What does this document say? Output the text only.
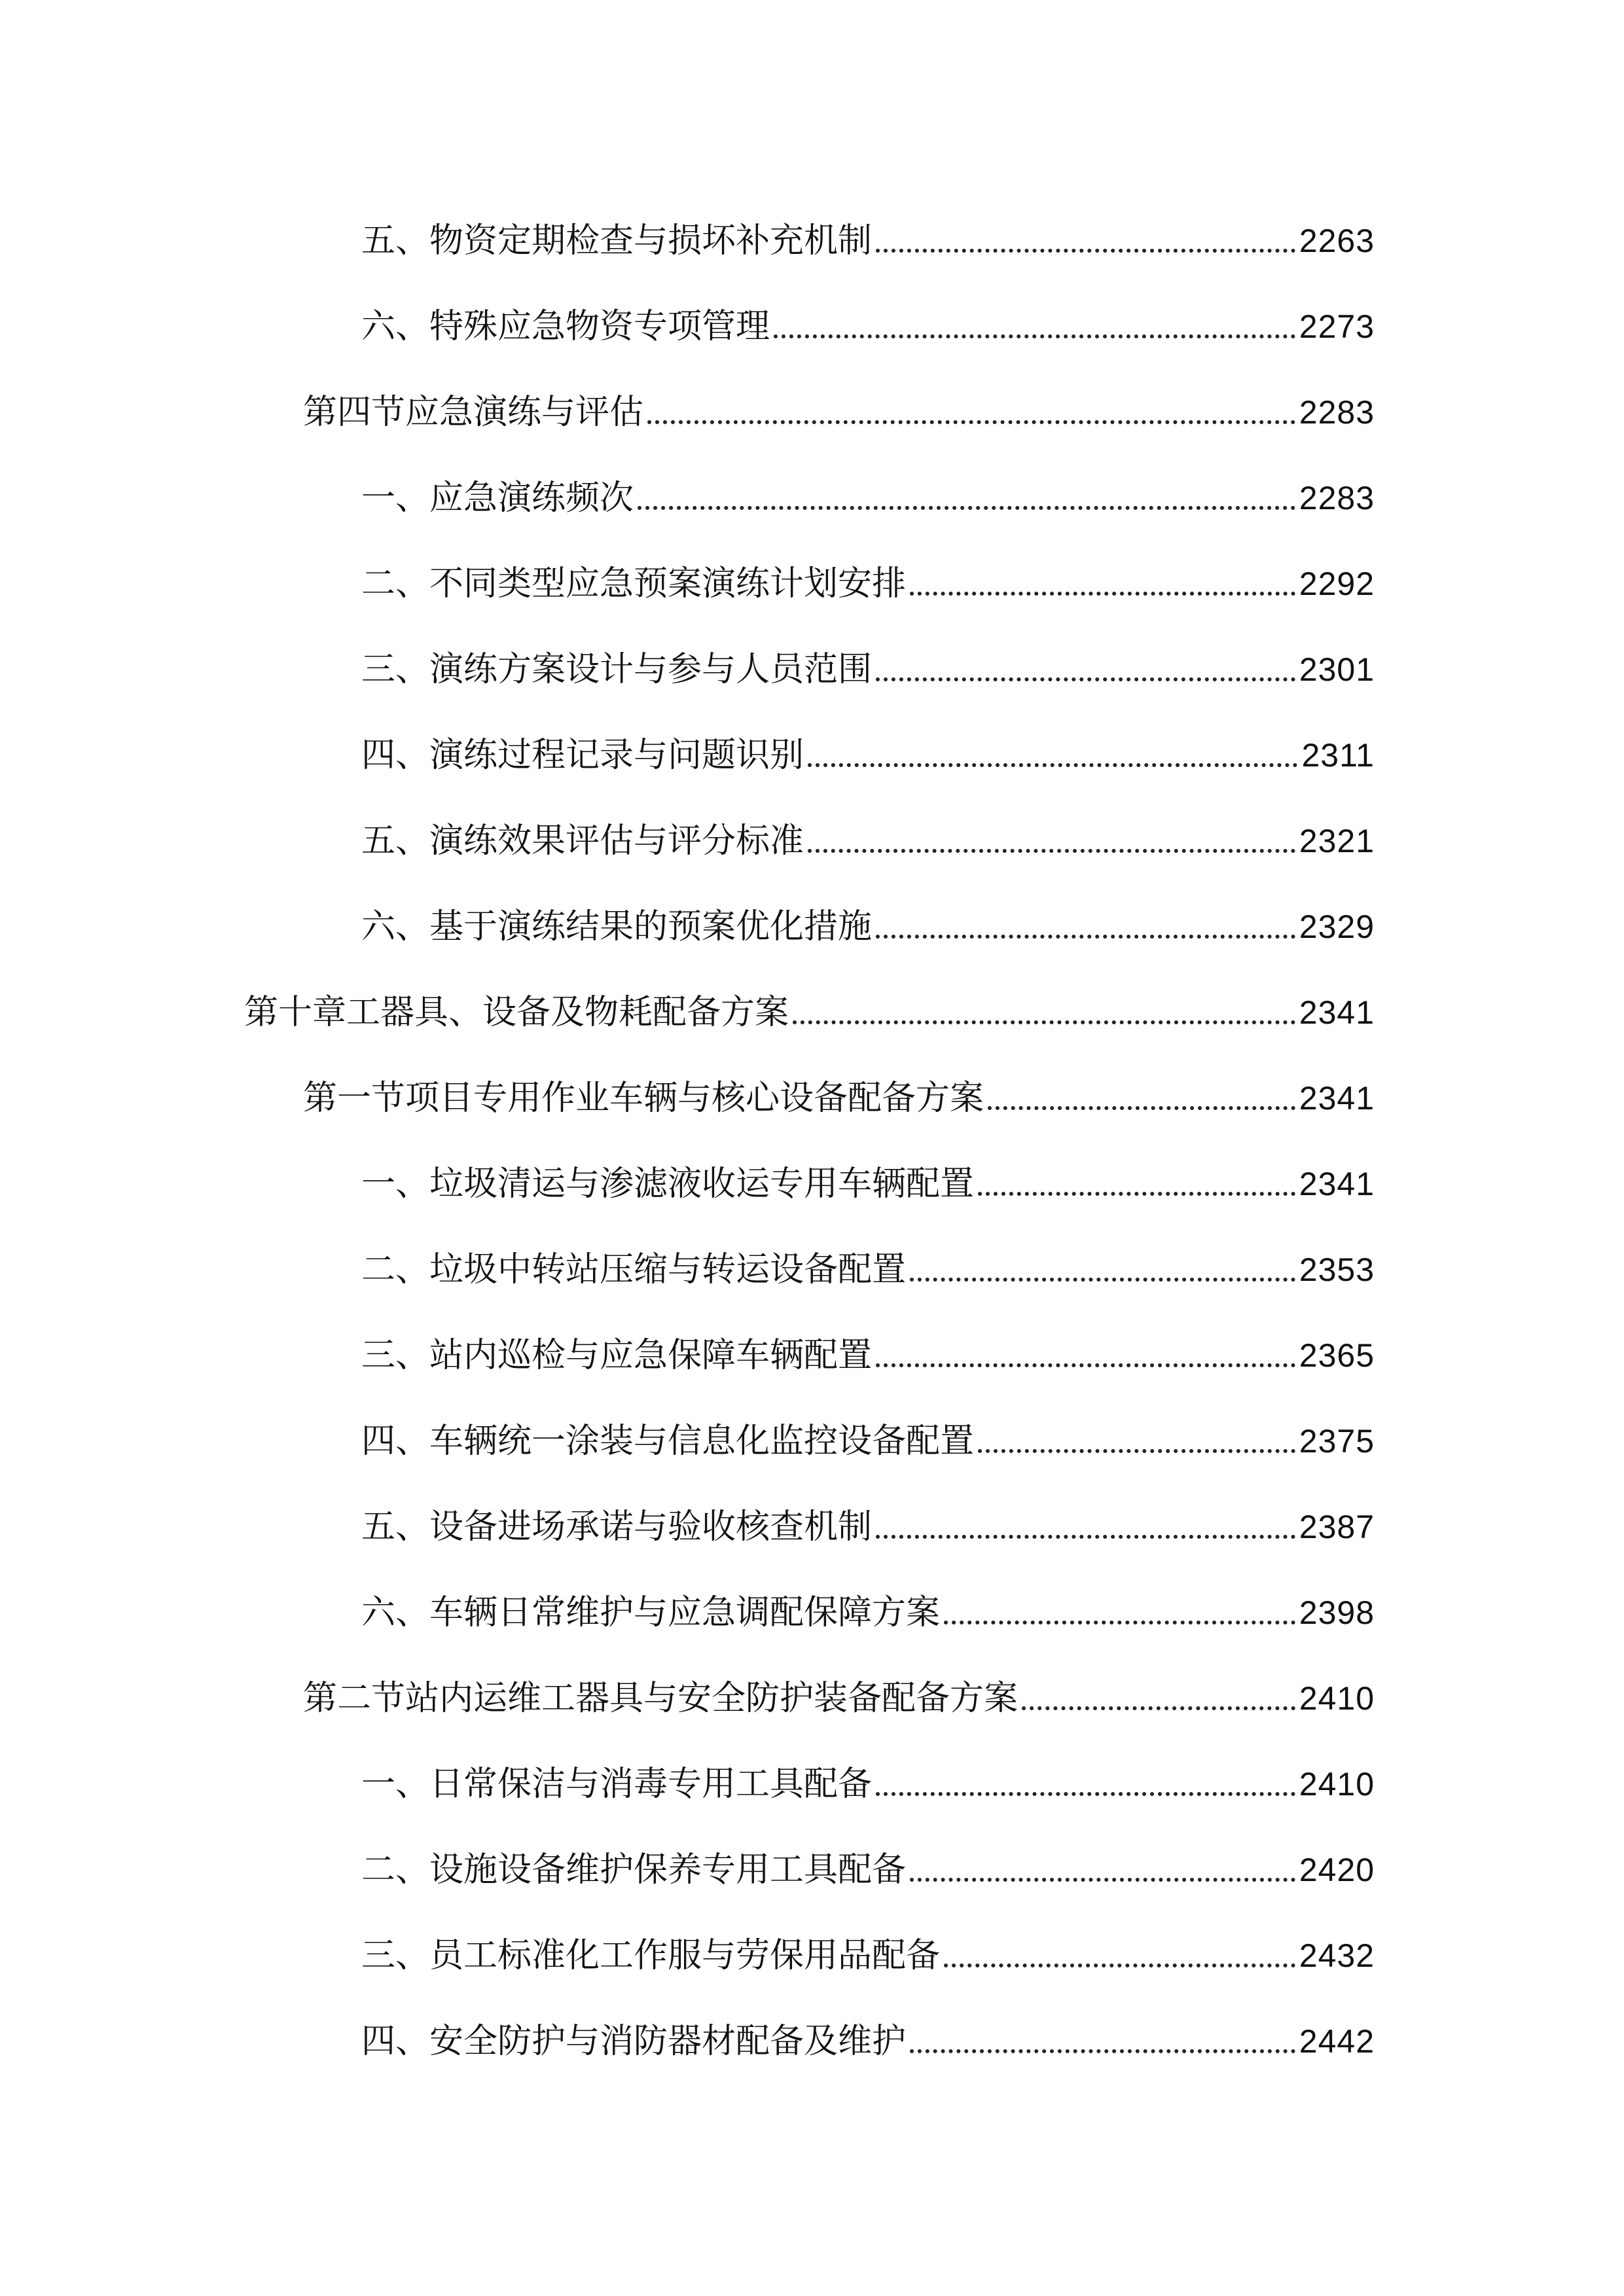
五、物资定期检查与损坏补充机制	2263
六、特殊应急物资专项管理	2273
第四节应急演练与评估	2283
一、应急演练频次	2283
二、不同类型应急预案演练计划安排	2292
三、演练方案设计与参与人员范围	2301
四、演练过程记录与问题识别	2311
五、演练效果评估与评分标准	2321
六、基于演练结果的预案优化措施	2329
第十章工器具、设备及物耗配备方案	2341
第一节项目专用作业车辆与核心设备配备方案	2341
一、垃圾清运与渗滤液收运专用车辆配置	2341
二、垃圾中转站压缩与转运设备配置	2353
三、站内巡检与应急保障车辆配置	2365
四、车辆统一涂装与信息化监控设备配置	2375
五、设备进场承诺与验收核查机制	2387
六、车辆日常维护与应急调配保障方案	2398
第二节站内运维工器具与安全防护装备配备方案	2410
一、日常保洁与消毒专用工具配备	2410
二、设施设备维护保养专用工具配备	2420
三、员工标准化工作服与劳保用品配备	2432
四、安全防护与消防器材配备及维护	2442
